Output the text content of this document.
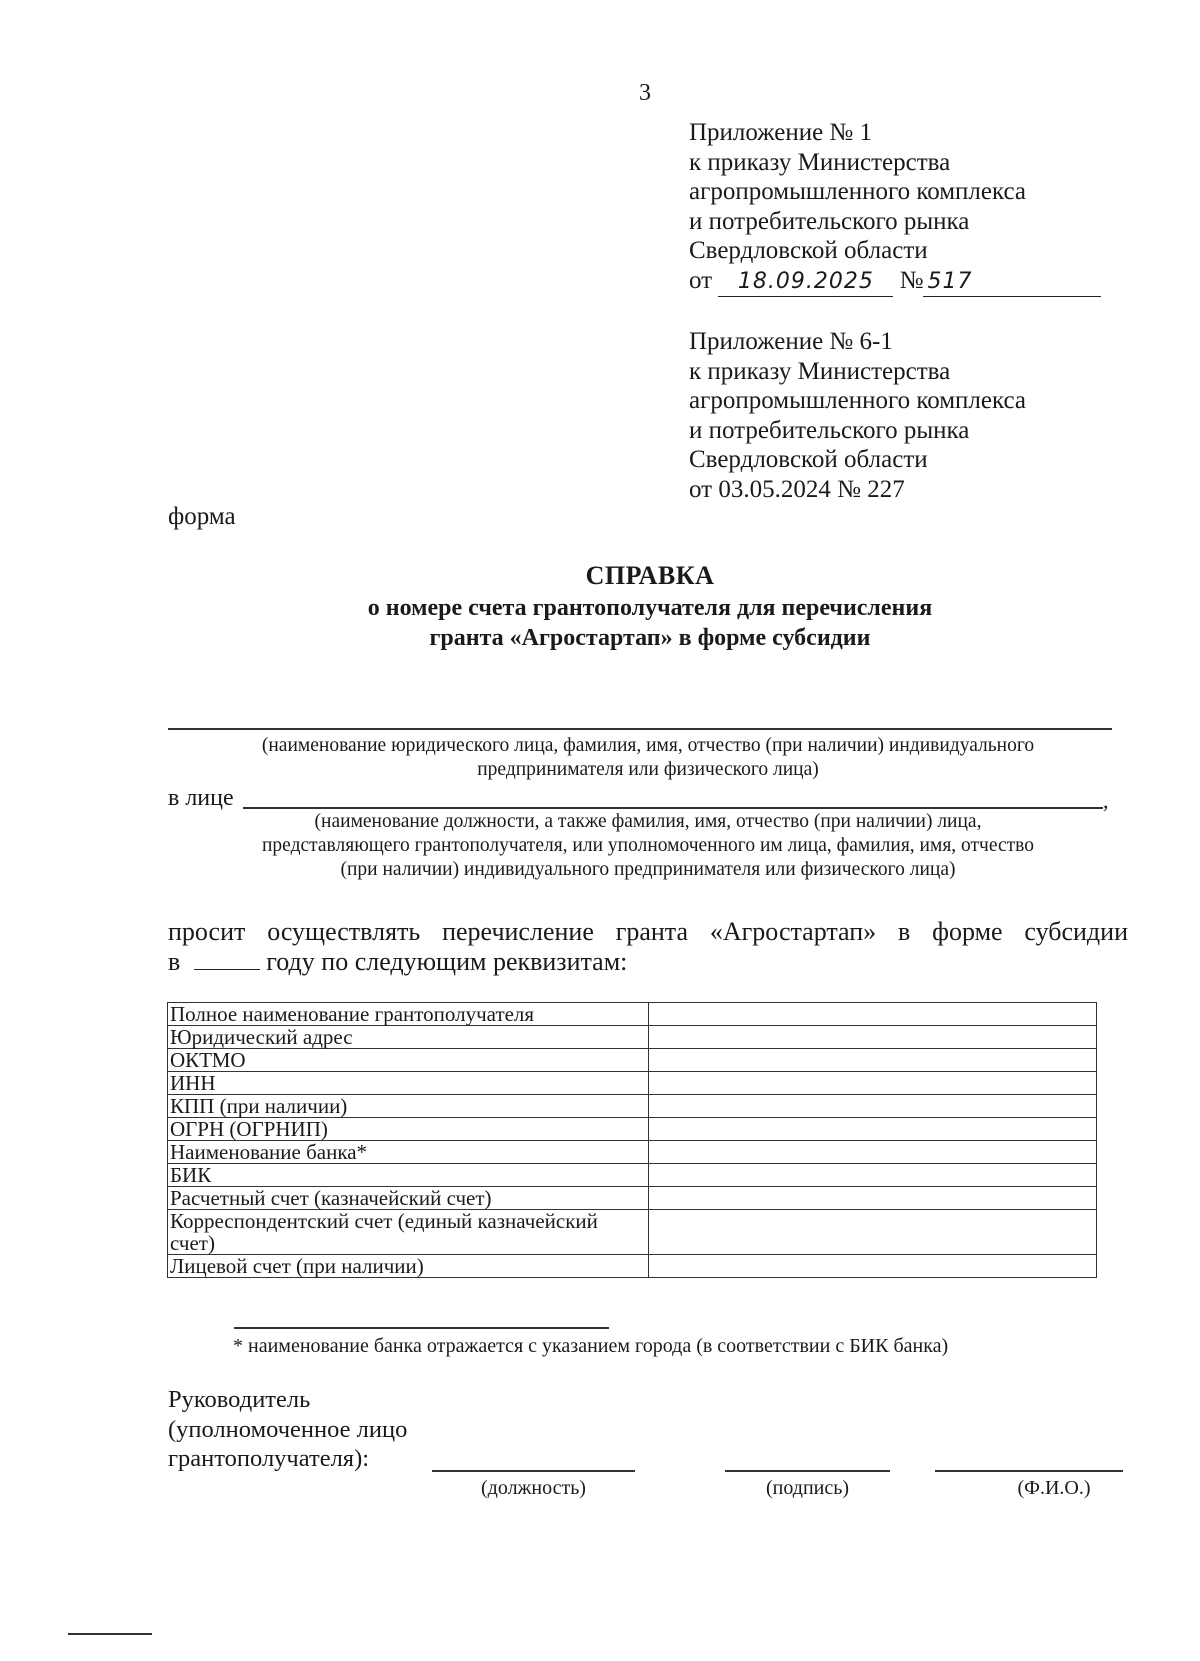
3
Приложение № 1
к приказу Министерства
агропромышленного комплекса
и потребительского рынка
Свердловской области
от 18.09.2025 № 517
Приложение № 6-1
к приказу Министерства
агропромышленного комплекса
и потребительского рынка
Свердловской области
от 03.05.2024 № 227
форма
СПРАВКА
о номере счета грантополучателя для перечисления
гранта «Агростартап» в форме субсидии
(наименование юридического лица, фамилия, имя, отчество (при наличии) индивидуального
предпринимателя или физического лица)
в лице	,
(наименование должности, а также фамилия, имя, отчество (при наличии) лица,
представляющего грантополучателя, или уполномоченного им лица, фамилия, имя, отчество
(при наличии) индивидуального предпринимателя или физического лица)
просит осуществлять перечисление гранта «Агростартап» в форме субсидии
в	году по следующим реквизитам:
Полное наименование грантополучателя	
Юридический адрес	
ОКТМО	
ИНН	
КПП (при наличии)	
ОГРН (ОГРНИП)	
Наименование банка*	
БИК	
Расчетный счет (казначейский счет)	
Корреспондентский счет (единый казначейский счет)	
Лицевой счет (при наличии)	
* наименование банка отражается с указанием города (в соответствии с БИК банка)
Руководитель
(уполномоченное лицо
грантополучателя):
(должность)	(подпись)	(Ф.И.О.)
